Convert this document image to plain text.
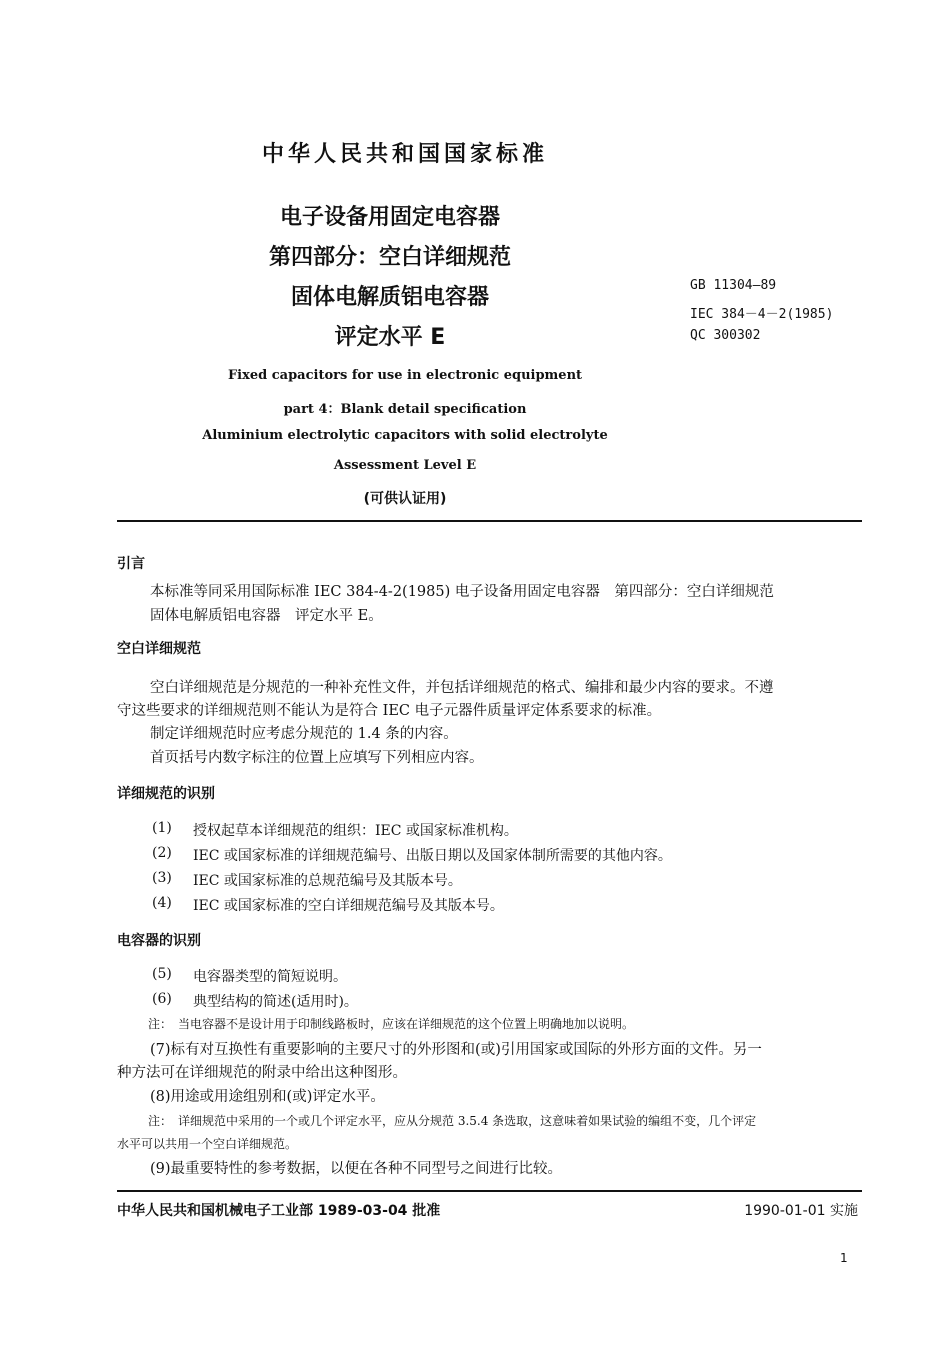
中华人民共和国国家标准
电子设备用固定电容器
第四部分：空白详细规范
固体电解质铝电容器
评定水平 E
GB 11304—89
IEC 384－4－2(1985)
QC 300302
Fixed capacitors for use in electronic equipment
part 4：Blank detail specification
Aluminium electrolytic capacitors with solid electrolyte
Assessment Level E
(可供认证用)
引言
本标准等同采用国际标准 IEC 384-4-2(1985) 电子设备用固定电容器　第四部分：空白详细规范
固体电解质铝电容器　评定水平 E。
空白详细规范
空白详细规范是分规范的一种补充性文件，并包括详细规范的格式、编排和最少内容的要求。不遵
守这些要求的详细规范则不能认为是符合 IEC 电子元器件质量评定体系要求的标准。
制定详细规范时应考虑分规范的 1.4 条的内容。
首页括号内数字标注的位置上应填写下列相应内容。
详细规范的识别
(1) 授权起草本详细规范的组织：IEC 或国家标准机构。
(2) IEC 或国家标准的详细规范编号、出版日期以及国家体制所需要的其他内容。
(3) IEC 或国家标准的总规范编号及其版本号。
(4) IEC 或国家标准的空白详细规范编号及其版本号。
电容器的识别
(5) 电容器类型的简短说明。
(6) 典型结构的简述(适用时)。
注：　当电容器不是设计用于印制线路板时，应该在详细规范的这个位置上明确地加以说明。
(7)标有对互换性有重要影响的主要尺寸的外形图和(或)引用国家或国际的外形方面的文件。另一
种方法可在详细规范的附录中给出这种图形。
(8)用途或用途组别和(或)评定水平。
注：　详细规范中采用的一个或几个评定水平，应从分规范 3.5.4 条选取，这意味着如果试验的编组不变，几个评定
水平可以共用一个空白详细规范。
(9)最重要特性的参考数据，以便在各种不同型号之间进行比较。
中华人民共和国机械电子工业部 1989-03-04 批准	1990-01-01 实施
1
